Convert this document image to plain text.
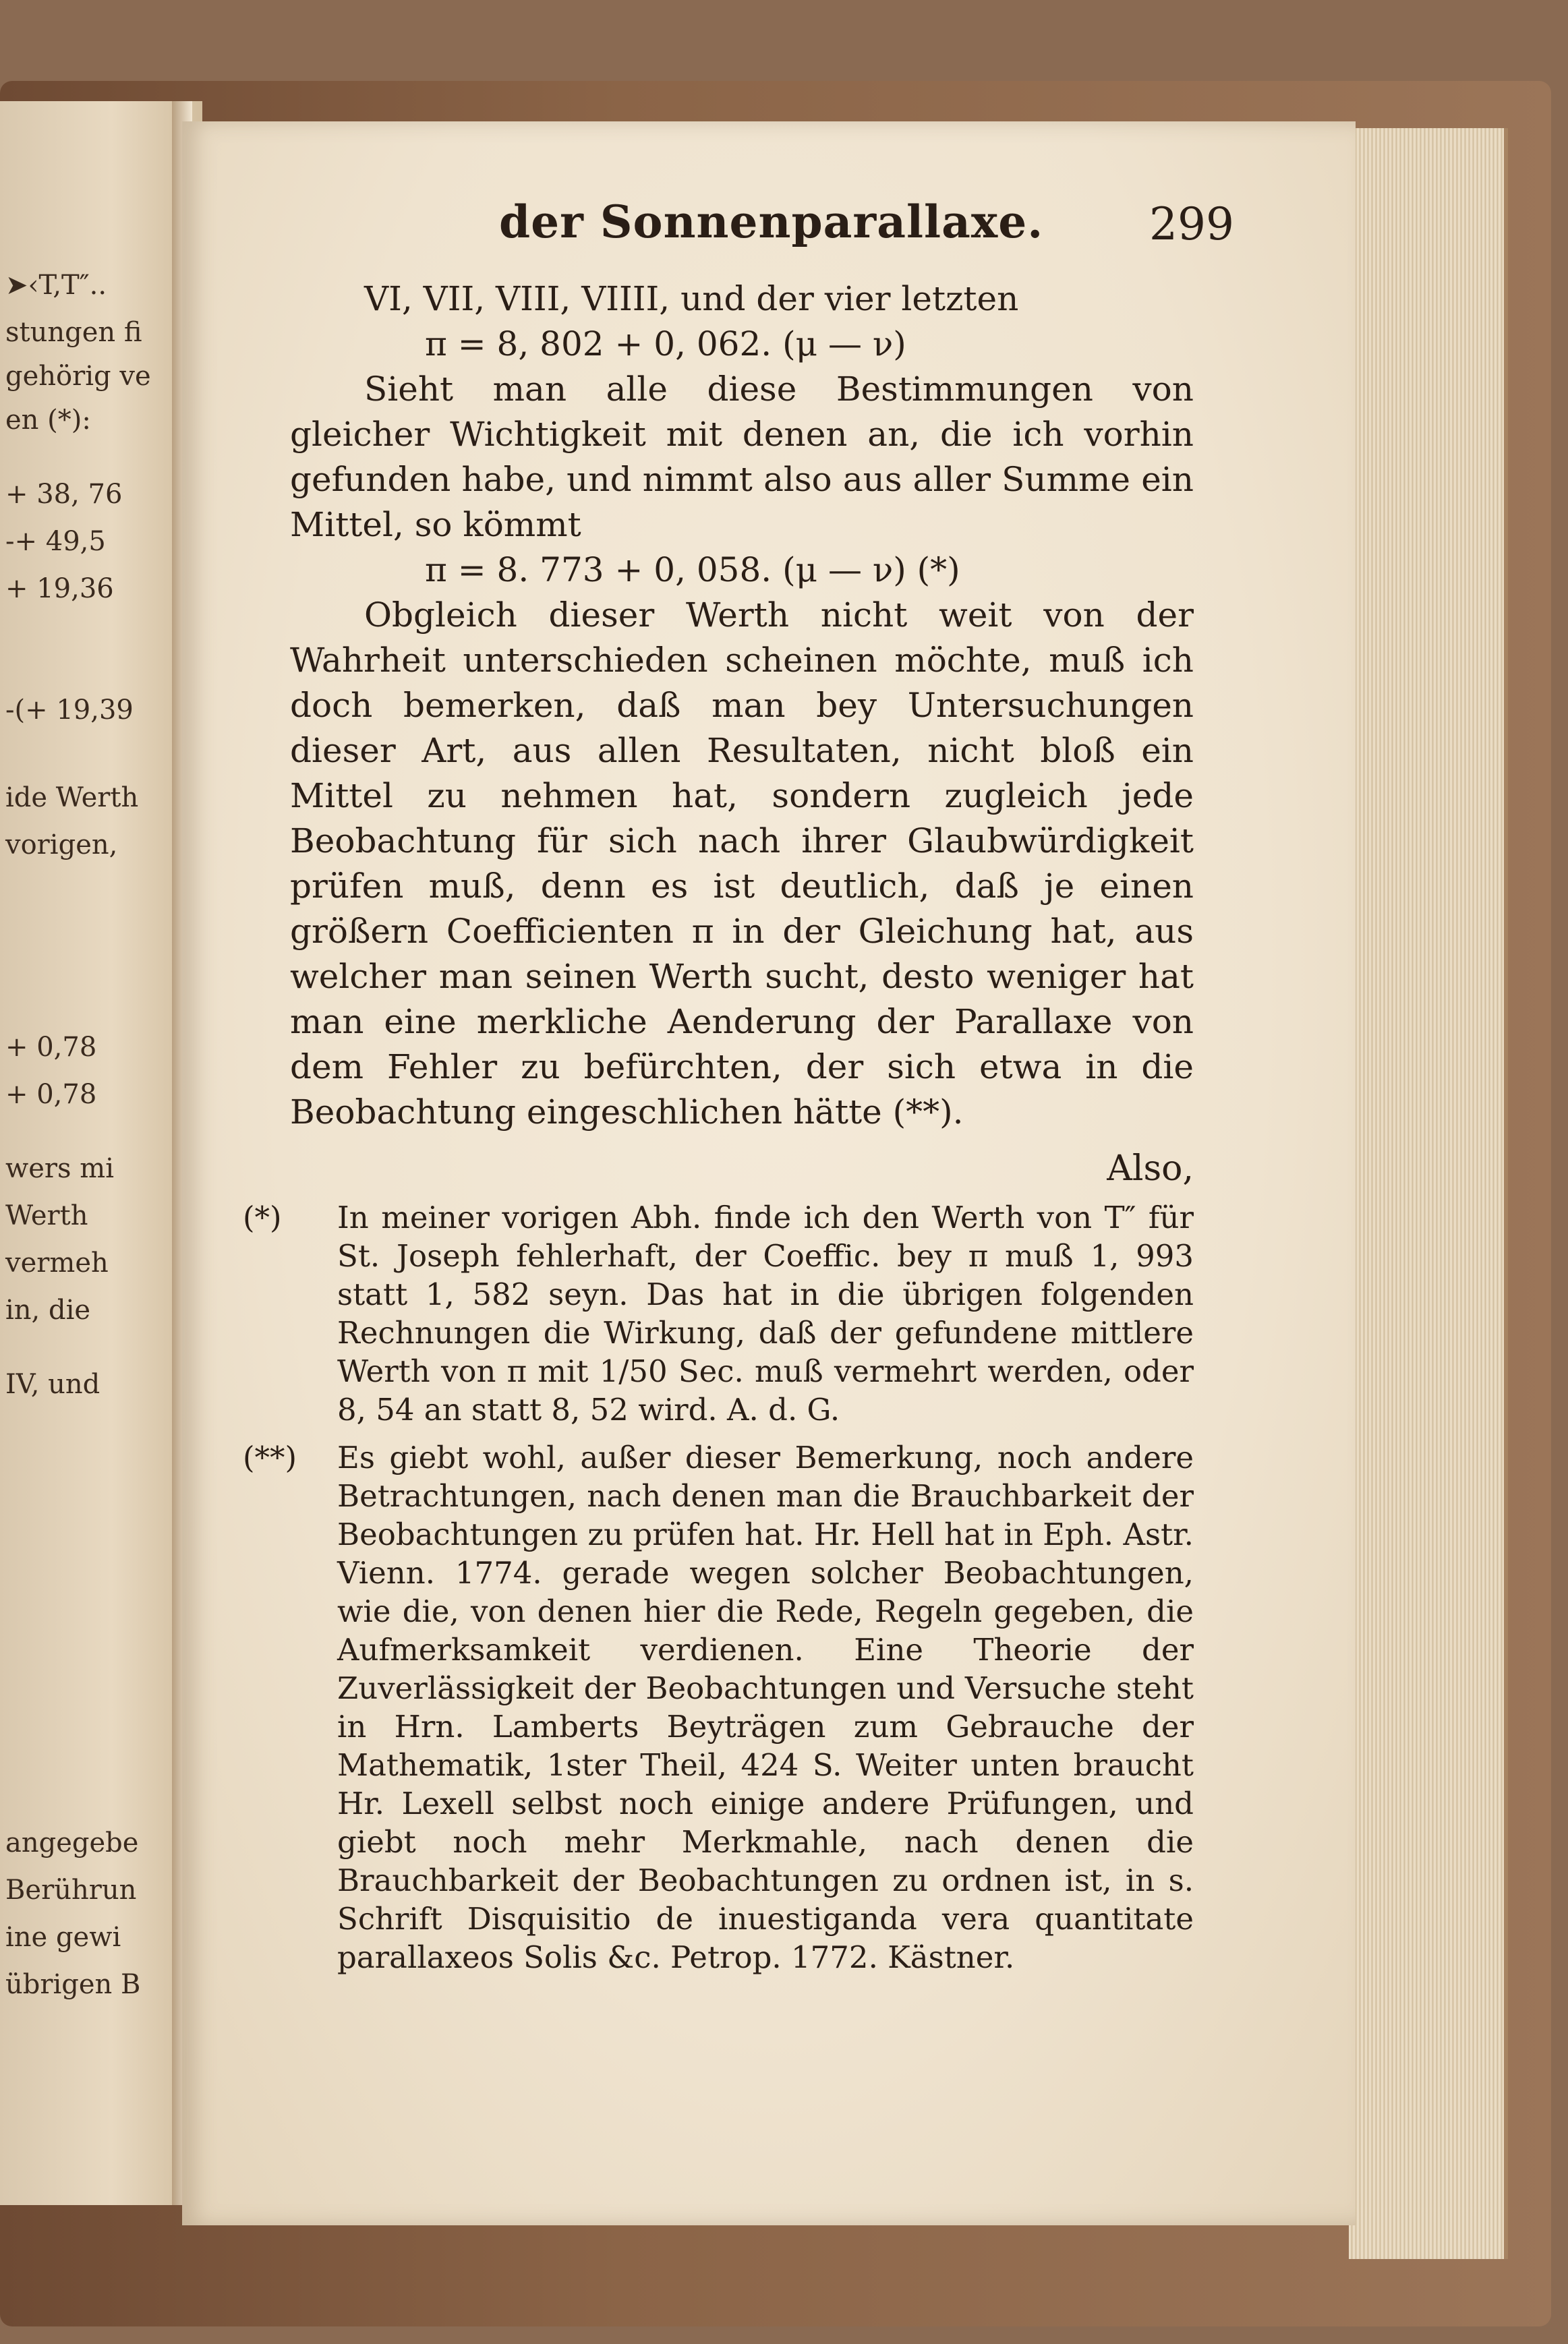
➤‹T,T″..
stungen fi
gehörig ve
en (*):
+ 38, 76
-+ 49,5
+ 19,36
-(+ 19,39
ide Werth
vorigen,
+ 0,78
+ 0,78
wers mi
Werth
vermeh
in, die
IV, und
angegebe
Berührun
ine gewi
übrigen B
der Sonnenparallaxe. 299
VI, VII, VIII, VIIII, und der vier letzten
π = 8, 802 + 0, 062. (μ — ν)
Sieht man alle diese Bestimmungen von gleicher Wichtigkeit mit denen an, die ich vorhin gefunden habe, und nimmt also aus aller Summe ein Mittel, so kömmt
π = 8. 773 + 0, 058. (μ — ν) (*)
Obgleich dieser Werth nicht weit von der Wahrheit unterschieden scheinen möchte, muß ich doch bemerken, daß man bey Untersuchungen dieser Art, aus allen Resultaten, nicht bloß ein Mittel zu nehmen hat, sondern zugleich jede Beobachtung für sich nach ihrer Glaubwürdigkeit prüfen muß, denn es ist deutlich, daß je einen größern Coefficienten π in der Gleichung hat, aus welcher man seinen Werth sucht, desto weniger hat man eine merkliche Aenderung der Parallaxe von dem Fehler zu befürchten, der sich etwa in die Beobachtung eingeschlichen hätte (**).
Also,
(*) In meiner vorigen Abh. finde ich den Werth von T″ für St. Joseph fehlerhaft, der Coeffic. bey π muß 1, 993 statt 1, 582 seyn. Das hat in die übrigen folgenden Rechnungen die Wirkung, daß der gefundene mittlere Werth von π mit 1/50 Sec. muß vermehrt werden, oder 8, 54 an statt 8, 52 wird. A. d. G.
(**) Es giebt wohl, außer dieser Bemerkung, noch andere Betrachtungen, nach denen man die Brauchbarkeit der Beobachtungen zu prüfen hat. Hr. Hell hat in Eph. Astr. Vienn. 1774. gerade wegen solcher Beobachtungen, wie die, von denen hier die Rede, Regeln gegeben, die Aufmerksamkeit verdienen. Eine Theorie der Zuverlässigkeit der Beobachtungen und Versuche steht in Hrn. Lamberts Beyträgen zum Gebrauche der Mathematik, 1ster Theil, 424 S. Weiter unten braucht Hr. Lexell selbst noch einige andere Prüfungen, und giebt noch mehr Merkmahle, nach denen die Brauchbarkeit der Beobachtungen zu ordnen ist, in s. Schrift Disquisitio de inuestiganda vera quantitate parallaxeos Solis &c. Petrop. 1772. Kästner.
